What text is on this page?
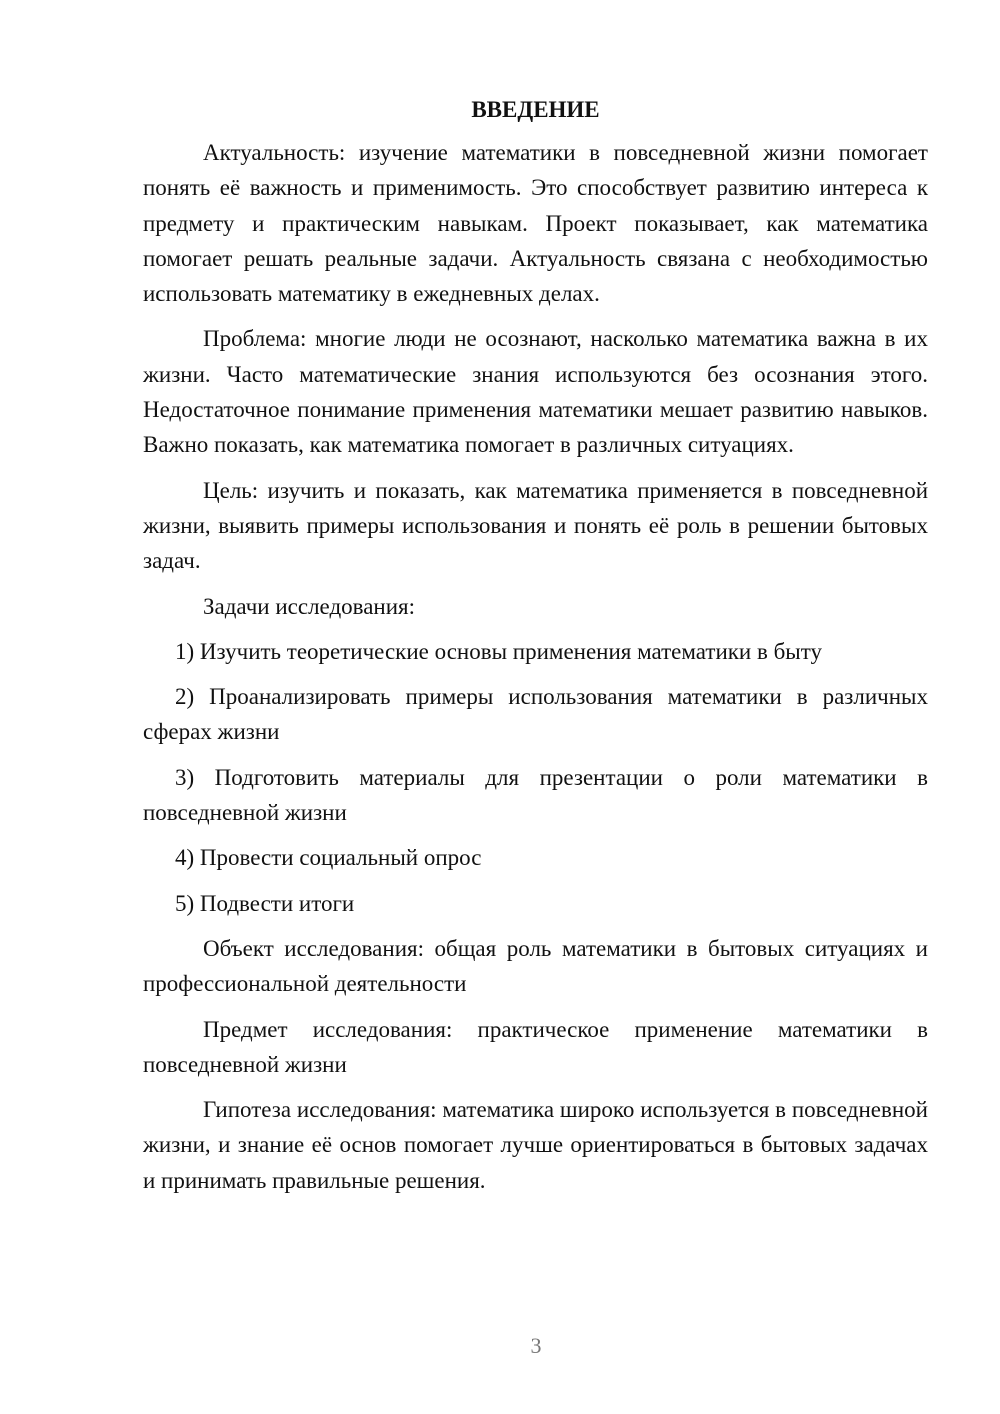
ВВЕДЕНИЕ

Актуальность: изучение математики в повседневной жизни помогает понять её важность и применимость. Это способствует развитию интереса к предмету и практическим навыкам. Проект показывает, как математика помогает решать реальные задачи. Актуальность связана с необходимостью использовать математику в ежедневных делах.

Проблема: многие люди не осознают, насколько математика важна в их жизни. Часто математические знания используются без осознания этого. Недостаточное понимание применения математики мешает развитию навыков. Важно показать, как математика помогает в различных ситуациях.

Цель: изучить и показать, как математика применяется в повседневной жизни, выявить примеры использования и понять её роль в решении бытовых задач.

Задачи исследования:

1) Изучить теоретические основы применения математики в быту

2) Проанализировать примеры использования математики в различных сферах жизни

3) Подготовить материалы для презентации о роли математики в повседневной жизни

4) Провести социальный опрос

5) Подвести итоги

Объект исследования: общая роль математики в бытовых ситуациях и профессиональной деятельности

Предмет исследования: практическое применение математики в повседневной жизни

Гипотеза исследования: математика широко используется в повседневной жизни, и знание её основ помогает лучше ориентироваться в бытовых задачах и принимать правильные решения.

3
